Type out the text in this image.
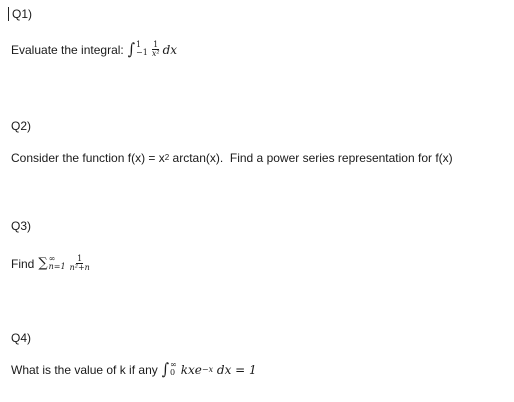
Q1)
Evaluate the integral: ∫ 1
$-1 \frac{1}{\text{x²}}$ dx
Q2)
Consider the function f(x) = x 2 arctan(x).  Find a power series representation for f(x)
Q3)
Find ∑ ∞
$n=1 \frac{1}{\text{n²+n}}$
Q4)
What is the value of k if any ∫ ∞
0 kxe −x dx = 1
